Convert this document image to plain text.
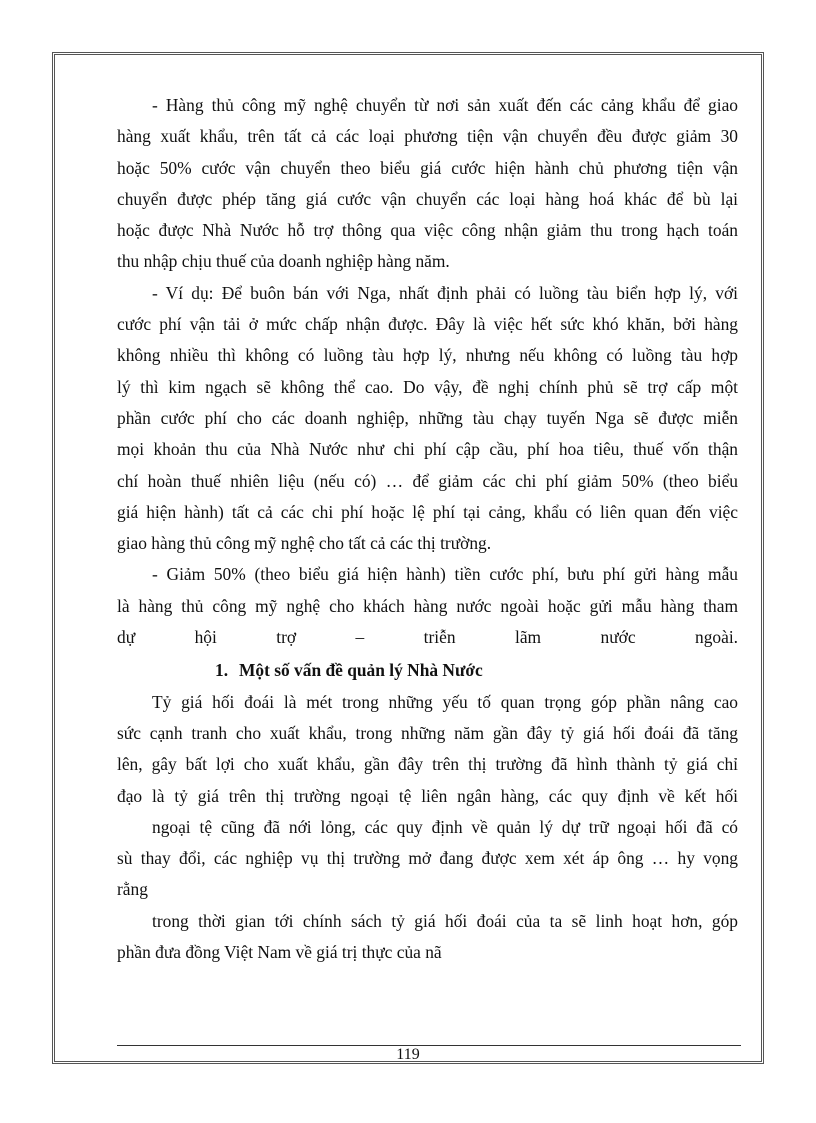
- Hàng thủ công mỹ nghệ chuyển từ nơi sản xuất đến các cảng khẩu để giao
hàng xuất khẩu, trên tất cả các loại phương tiện vận chuyển đều được giảm 30
hoặc 50% cước vận chuyển theo biểu giá cước hiện hành chủ phương tiện vận
chuyển được phép tăng giá cước vận chuyển các loại hàng hoá khác để bù lại
hoặc được Nhà Nước hỗ trợ thông qua việc công nhận giảm thu trong hạch toán
thu nhập chịu thuế của doanh nghiệp hàng năm.
- Ví dụ: Để buôn bán với Nga, nhất định phải có luồng tàu biển hợp lý, với
cước phí vận tải ở mức chấp nhận được. Đây là việc hết sức khó khăn, bởi hàng
không nhiều thì không có luồng tàu hợp lý, nhưng nếu không có luồng tàu hợp
lý thì kim ngạch sẽ không thể cao. Do vậy, đề nghị chính phủ sẽ trợ cấp một
phần cước phí cho các doanh nghiệp, những tàu chạy tuyến Nga sẽ được miễn
mọi khoản thu của Nhà Nước như chi phí cập cầu, phí hoa tiêu, thuế vốn thận
chí hoàn thuế nhiên liệu (nếu có) … để giảm các chi phí giảm 50% (theo biểu
giá hiện hành) tất cả các chi phí hoặc lệ phí tại cảng, khẩu có liên quan đến việc
giao hàng thủ công mỹ nghệ cho tất cả các thị trường.
- Giảm 50% (theo biểu giá hiện hành) tiền cước phí, bưu phí gửi hàng mẫu
là hàng thủ công mỹ nghệ cho khách hàng nước ngoài hoặc gửi mẫu hàng tham
dự hội trợ – triễn lãm nước ngoài.
1. Một số vấn đề quản lý Nhà Nước
Tỷ giá hối đoái là mét trong những yếu tố quan trọng góp phần nâng cao
sức cạnh tranh cho xuất khẩu, trong những năm gần đây tỷ giá hối đoái đã tăng
lên, gây bất lợi cho xuất khẩu, gần đây trên thị trường đã hình thành tỷ giá chỉ
đạo là tỷ giá trên thị trường ngoại tệ liên ngân hàng, các quy định về kết hối
ngoại tệ cũng đã nới lỏng, các quy định về quản lý dự trữ ngoại hối đã có
sù thay đổi, các nghiệp vụ thị trường mở đang được xem xét áp ông … hy vọng
rằng
trong thời gian tới chính sách tỷ giá hối đoái của ta sẽ linh hoạt hơn, góp
phần đưa đồng Việt Nam về giá trị thực của nã
119
